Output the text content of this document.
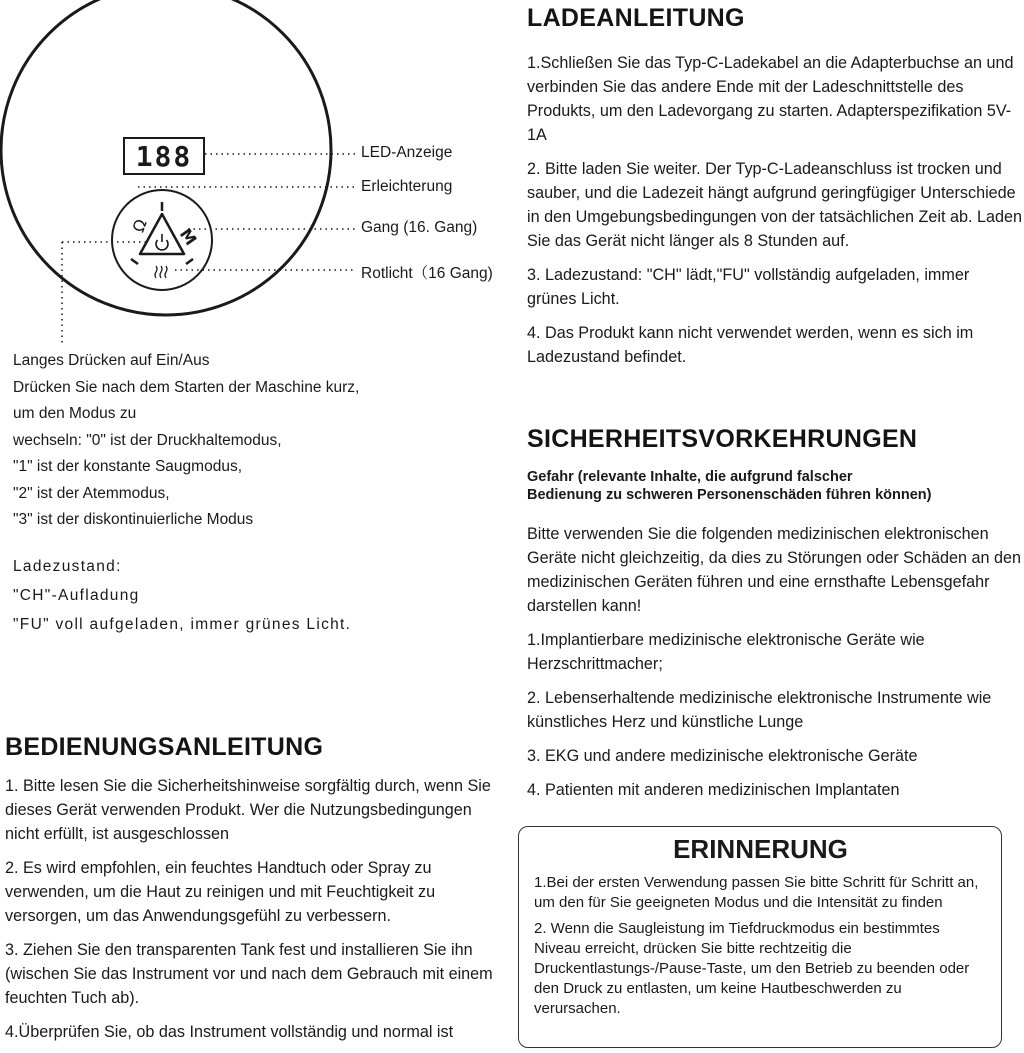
188
Ω M
LED-Anzeige
Erleichterung
Gang (16. Gang)
Rotlicht（16 Gang)

Langes Drücken auf Ein/Aus

Drücken Sie nach dem Starten der Maschine kurz,

um den Modus zu

wechseln: "0" ist der Druckhaltemodus,

"1" ist der konstante Saugmodus,

"2" ist der Atemmodus,

"3" ist der diskontinuierliche Modus

Ladezustand:

"CH"-Aufladung

"FU" voll aufgeladen, immer grünes Licht.

BEDIENUNGSANLEITUNG

1. Bitte lesen Sie die Sicherheitshinweise sorgfältig durch, wenn Sie dieses Gerät verwenden Produkt. Wer die Nutzungsbedingungen nicht erfüllt, ist ausgeschlossen

2. Es wird empfohlen, ein feuchtes Handtuch oder Spray zu verwenden, um die Haut zu reinigen und mit Feuchtigkeit zu versorgen, um das Anwendungsgefühl zu verbessern.

3. Ziehen Sie den transparenten Tank fest und installieren Sie ihn (wischen Sie das Instrument vor und nach dem Gebrauch mit einem feuchten Tuch ab).

4.Überprüfen Sie, ob das Instrument vollständig und normal ist

LADEANLEITUNG

1.Schließen Sie das Typ-C-Ladekabel an die Adapterbuchse an und verbinden Sie das andere Ende mit der Ladeschnittstelle des Produkts, um den Ladevorgang zu starten. Adapterspezifikation 5V-1A

2. Bitte laden Sie weiter. Der Typ-C-Ladeanschluss ist trocken und sauber, und die Ladezeit hängt aufgrund geringfügiger Unterschiede in den Umgebungsbedingungen von der tatsächlichen Zeit ab. Laden Sie das Gerät nicht länger als 8 Stunden auf.

3. Ladezustand: "CH" lädt,"FU" vollständig aufgeladen, immer grünes Licht.

4. Das Produkt kann nicht verwendet werden, wenn es sich im Ladezustand befindet.

SICHERHEITSVORKEHRUNGEN
Gefahr (relevante Inhalte, die aufgrund falscher
Bedienung zu schweren Personenschäden führen können)

Bitte verwenden Sie die folgenden medizinischen elektronischen Geräte nicht gleichzeitig, da dies zu Störungen oder Schäden an den medizinischen Geräten führen und eine ernsthafte Lebensgefahr darstellen kann!

1.Implantierbare medizinische elektronische Geräte wie Herzschrittmacher;

2. Lebenserhaltende medizinische elektronische Instrumente wie künstliches Herz und künstliche Lunge

3. EKG und andere medizinische elektronische Geräte

4. Patienten mit anderen medizinischen Implantaten

ERINNERUNG

1.Bei der ersten Verwendung passen Sie bitte Schritt für Schritt an, um den für Sie geeigneten Modus und die Intensität zu finden

2. Wenn die Saugleistung im Tiefdruckmodus ein bestimmtes Niveau erreicht, drücken Sie bitte rechtzeitig die Druckentlastungs-/Pause-Taste, um den Betrieb zu beenden oder den Druck zu entlasten, um keine Hautbeschwerden zu verursachen.
